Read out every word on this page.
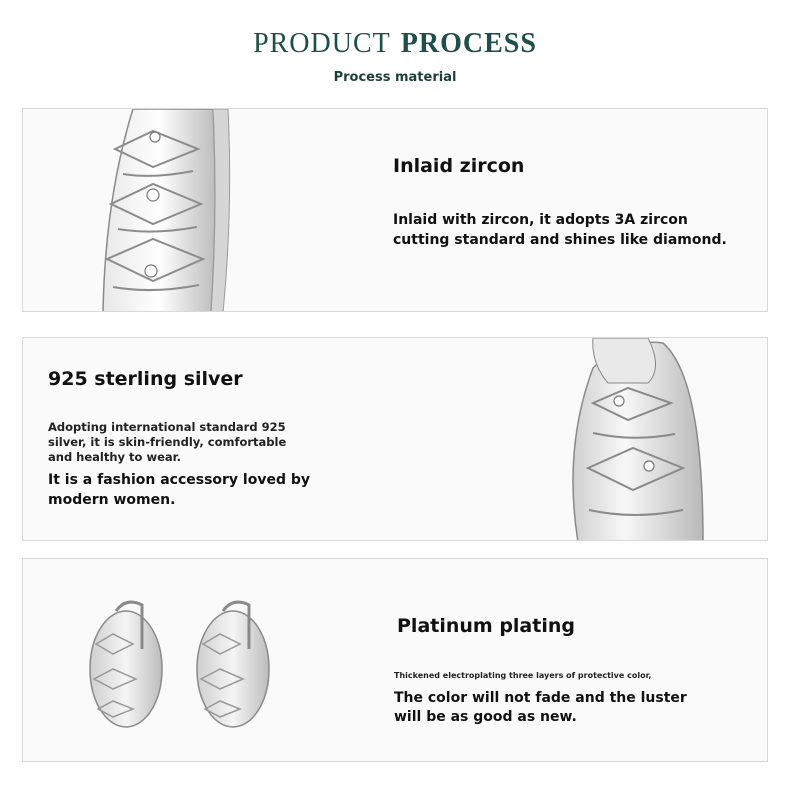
PRODUCT PROCESS
Process material
Inlaid zircon
Inlaid with zircon, it adopts 3A zircon
cutting standard and shines like diamond.
925 sterling silver
Adopting international standard 925
silver, it is skin-friendly, comfortable
and healthy to wear.
It is a fashion accessory loved by
modern women.
Platinum plating
Thickened electroplating three layers of protective color,
The color will not fade and the luster
will be as good as new.
